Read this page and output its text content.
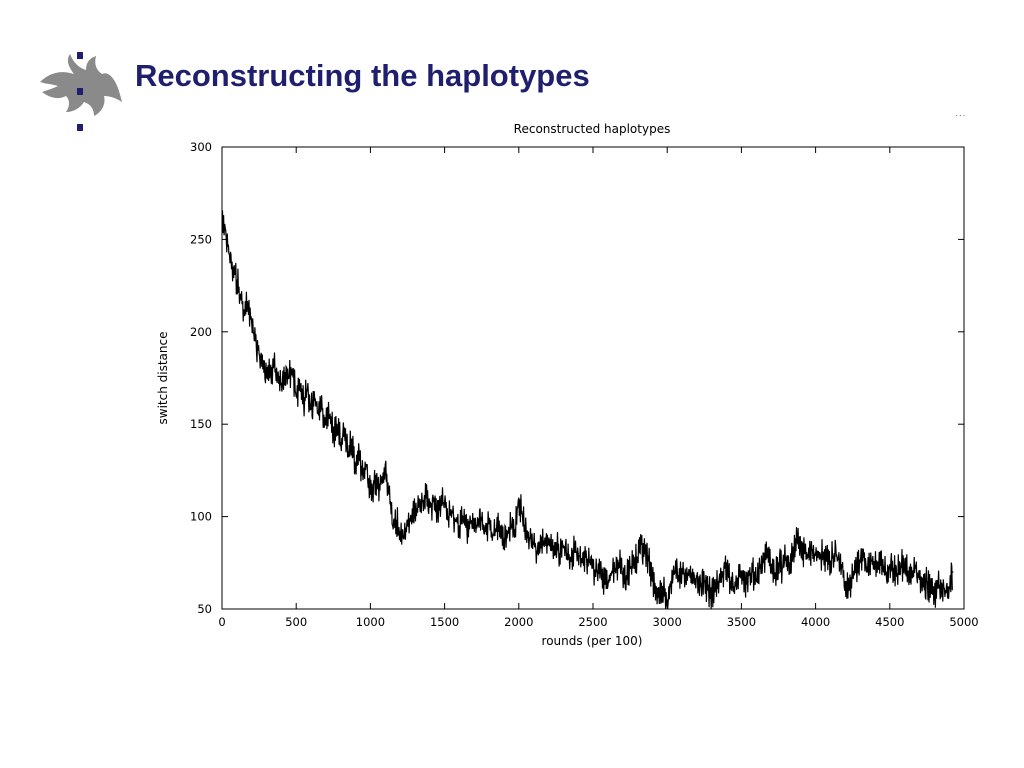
Reconstructing the haplotypes
Reconstructed haplotypes
switch distance
rounds (per 100)
0	500	1000	1500	2000	2500	3000	3500	4000	4500	5000
50
100
150
200
250
300
